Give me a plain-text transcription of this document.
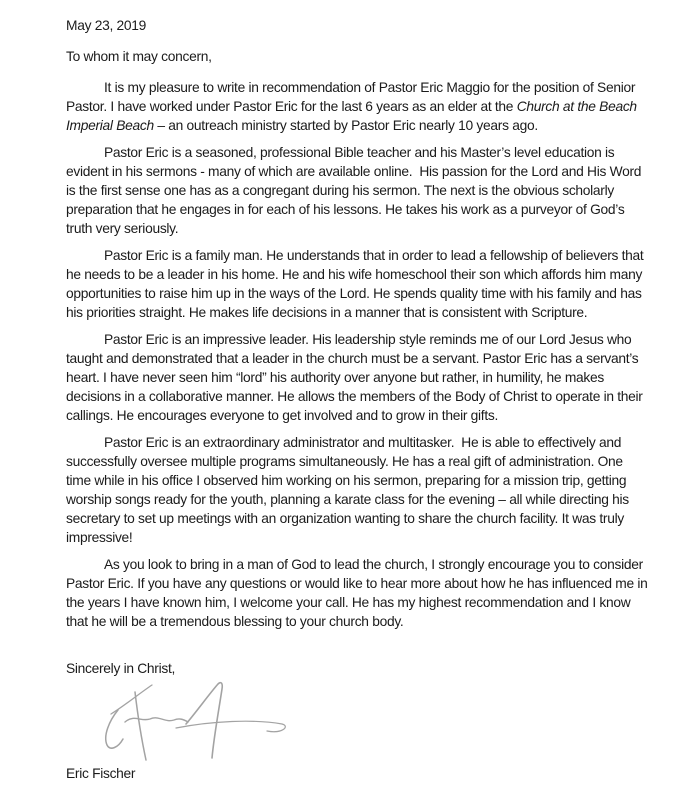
May 23, 2019

To whom it may concern,

It is my pleasure to write in recommendation of Pastor Eric Maggio for the position of Senior Pastor. I have worked under Pastor Eric for the last 6 years as an elder at the Church at the Beach Imperial Beach – an outreach ministry started by Pastor Eric nearly 10 years ago.

Pastor Eric is a seasoned, professional Bible teacher and his Master’s level education is evident in his sermons - many of which are available online.  His passion for the Lord and His Word is the first sense one has as a congregant during his sermon. The next is the obvious scholarly preparation that he engages in for each of his lessons. He takes his work as a purveyor of God’s truth very seriously.

Pastor Eric is a family man. He understands that in order to lead a fellowship of believers that he needs to be a leader in his home. He and his wife homeschool their son which affords him many opportunities to raise him up in the ways of the Lord. He spends quality time with his family and has his priorities straight. He makes life decisions in a manner that is consistent with Scripture.

Pastor Eric is an impressive leader. His leadership style reminds me of our Lord Jesus who taught and demonstrated that a leader in the church must be a servant. Pastor Eric has a servant’s heart. I have never seen him “lord” his authority over anyone but rather, in humility, he makes decisions in a collaborative manner. He allows the members of the Body of Christ to operate in their callings. He encourages everyone to get involved and to grow in their gifts.

Pastor Eric is an extraordinary administrator and multitasker.  He is able to effectively and successfully oversee multiple programs simultaneously. He has a real gift of administration. One time while in his office I observed him working on his sermon, preparing for a mission trip, getting worship songs ready for the youth, planning a karate class for the evening – all while directing his secretary to set up meetings with an organization wanting to share the church facility. It was truly impressive!

As you look to bring in a man of God to lead the church, I strongly encourage you to consider Pastor Eric. If you have any questions or would like to hear more about how he has influenced me in the years I have known him, I welcome your call. He has my highest recommendation and I know that he will be a tremendous blessing to your church body.

Sincerely in Christ,

Eric Fischer
